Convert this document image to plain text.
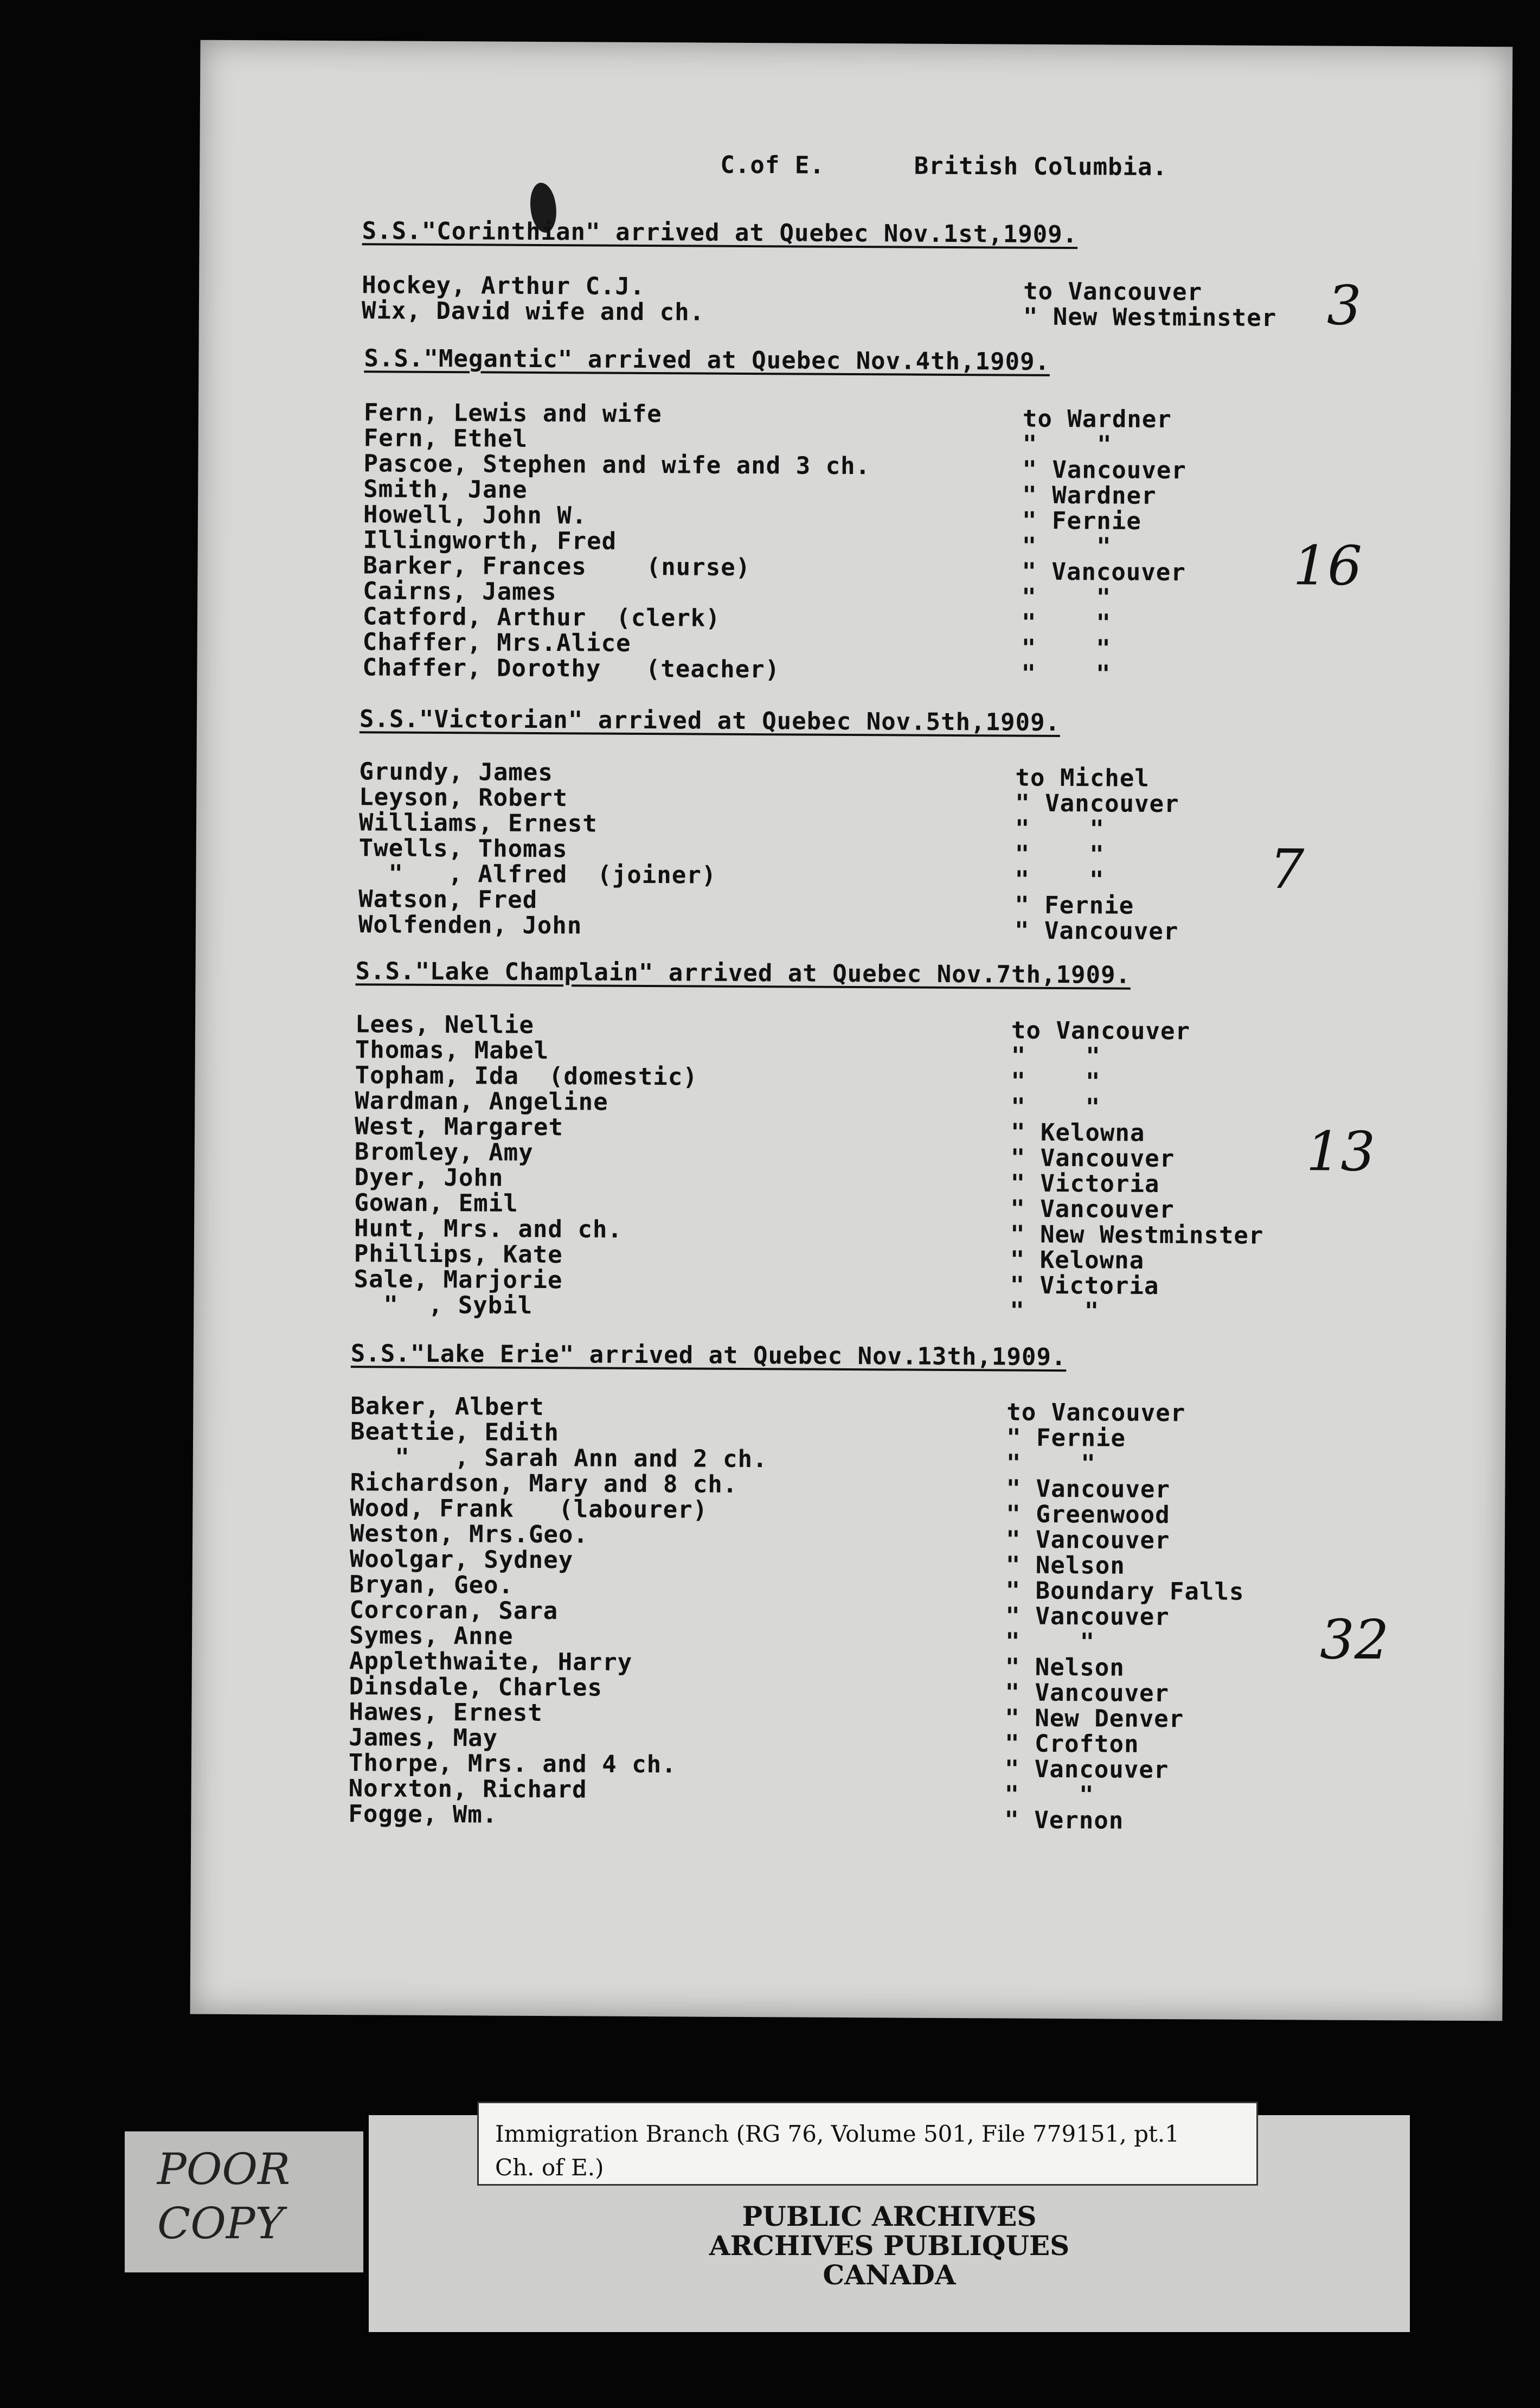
C.of E.      British Columbia.
S.S."Corinthian" arrived at Quebec Nov.1st,1909.
Hockey, Arthur C.J.	to Vancouver
Wix, David wife and ch.	" New Westminster 3
S.S."Megantic" arrived at Quebec Nov.4th,1909.
Fern, Lewis and wife	to Wardner
Fern, Ethel	"    "
Pascoe, Stephen and wife and 3 ch.	" Vancouver
Smith, Jane	" Wardner
Howell, John W.	" Fernie
Illingworth, Fred	"    "
Barker, Frances    (nurse)	" Vancouver
Cairns, James	"    "
Catford, Arthur  (clerk)	"    "
Chaffer, Mrs.Alice	"    "
Chaffer, Dorothy   (teacher)	"    "
16
S.S."Victorian" arrived at Quebec Nov.5th,1909.
Grundy, James	to Michel
Leyson, Robert	" Vancouver
Williams, Ernest	"    "
Twells, Thomas	"    "
"   , Alfred  (joiner)	"    "
Watson, Fred	" Fernie
Wolfenden, John	" Vancouver
7
S.S."Lake Champlain" arrived at Quebec Nov.7th,1909.
Lees, Nellie	to Vancouver
Thomas, Mabel	"    "
Topham, Ida  (domestic)	"    "
Wardman, Angeline	"    "
West, Margaret	" Kelowna
Bromley, Amy	" Vancouver
Dyer, John	" Victoria
Gowan, Emil	" Vancouver
Hunt, Mrs. and ch.	" New Westminster
Phillips, Kate	" Kelowna
Sale, Marjorie	" Victoria
"  , Sybil	"    "
13
S.S."Lake Erie" arrived at Quebec Nov.13th,1909.
Baker, Albert	to Vancouver
Beattie, Edith	" Fernie
"   , Sarah Ann and 2 ch.	"    "
Richardson, Mary and 8 ch.	" Vancouver
Wood, Frank   (labourer)	" Greenwood
Weston, Mrs.Geo.	" Vancouver
Woolgar, Sydney	" Nelson
Bryan, Geo.	" Boundary Falls
Corcoran, Sara	" Vancouver
Symes, Anne	"    "
Applethwaite, Harry	" Nelson
Dinsdale, Charles	" Vancouver
Hawes, Ernest	" New Denver
James, May	" Crofton
Thorpe, Mrs. and 4 ch.	" Vancouver
Norxton, Richard	"    "
Fogge, Wm.	" Vernon
32
POOR
COPY
Immigration Branch (RG 76, Volume 501, File 779151, pt.1
Ch. of E.)
PUBLIC ARCHIVES
ARCHIVES PUBLIQUES
CANADA
